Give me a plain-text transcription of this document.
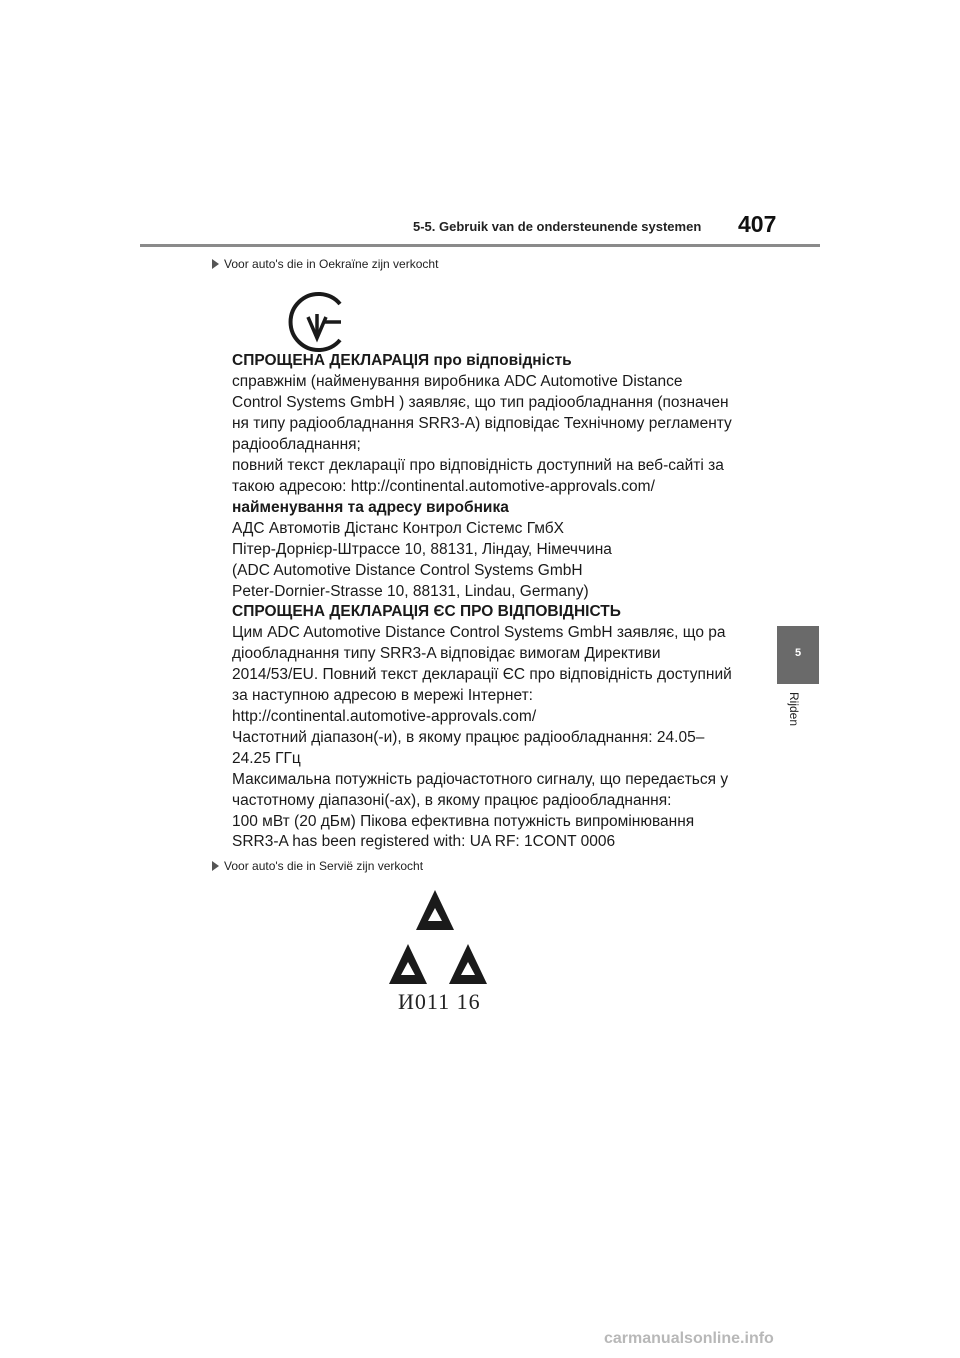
5-5. Gebruik van de ondersteunende systemen 407
5
Rijden
Voor auto's die in Oekraïne zijn verkocht
СПРОЩЕНА ДЕКЛАРАЦІЯ про відповідність
справжнім (найменування виробника ADC Automotive Distance
Control Systems GmbH ) заявляє, що тип радіообладнання (позначен
ня типу радіообладнання SRR3-A) відповідає Технічному регламенту
радіообладнання;
повний текст декларації про відповідність доступний на веб-сайті за
такою адресою: http://continental.automotive-approvals.com/
найменування та адресу виробника
АДС Автомотів Дістанс Контрол Сістемс ГмбХ
Пітер-Дорнієр-Штрассе 10, 88131, Ліндау, Німеччина
(ADC Automotive Distance Control Systems GmbH
Peter-Dornier-Strasse 10, 88131, Lindau, Germany)
СПРОЩЕНА ДЕКЛАРАЦІЯ ЄС ПРО ВІДПОВІДНІСТЬ
Цим ADC Automotive Distance Control Systems GmbH заявляє, що ра
діообладнання типу SRR3-A відповідає вимогам Директиви
2014/53/EU. Повний текст декларації ЄС про відповідність доступний
за наступною адресою в мережі Інтернет:
http://continental.automotive-approvals.com/
Частотний діапазон(-и), в якому працює радіообладнання: 24.05–
24.25 ГГц
Максимальна потужність радіочастотного сигналу, що передається у
частотному діапазоні(-ах), в якому працює радіообладнання:
100 мВт (20 дБм) Пікова ефективна потужність випромінювання
SRR3-A has been registered with: UA RF: 1CONT 0006
Voor auto's die in Servië zijn verkocht
И011 16
carmanualsonline.info
